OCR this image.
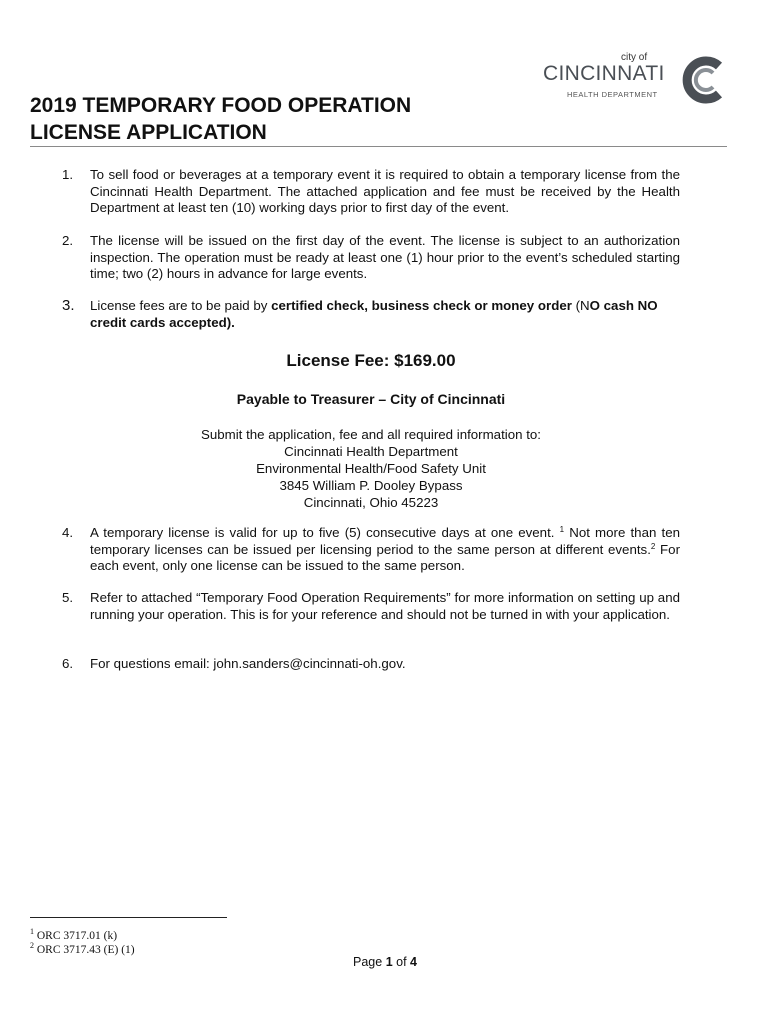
city of
CINCINNATI
HEALTH DEPARTMENT
2019 TEMPORARY FOOD OPERATION
LICENSE APPLICATION
1. To sell food or beverages at a temporary event it is required to obtain a temporary license from the Cincinnati Health Department. The attached application and fee must be received by the Health Department at least ten (10) working days prior to first day of the event.
2. The license will be issued on the first day of the event. The license is subject to an authorization inspection. The operation must be ready at least one (1) hour prior to the event’s scheduled starting time; two (2) hours in advance for large events.
3. License fees are to be paid by certified check, business check or money order (NO cash NO credit cards accepted).
License Fee: $169.00
Payable to Treasurer – City of Cincinnati
Submit the application, fee and all required information to:
Cincinnati Health Department
Environmental Health/Food Safety Unit
3845 William P. Dooley Bypass
Cincinnati, Ohio 45223
4. A temporary license is valid for up to five (5) consecutive days at one event. $^1$ Not more than ten temporary licenses can be issued per licensing period to the same person at different events.$^2$ For each event, only one license can be issued to the same person.
5. Refer to attached “Temporary Food Operation Requirements” for more information on setting up and running your operation. This is for your reference and should not be turned in with your application.
6. For questions email: john.sanders@cincinnati-oh.gov.
$^1$ ORC 3717.01 (k)
$^2$ ORC 3717.43 (E) (1)
Page 1 of 4
